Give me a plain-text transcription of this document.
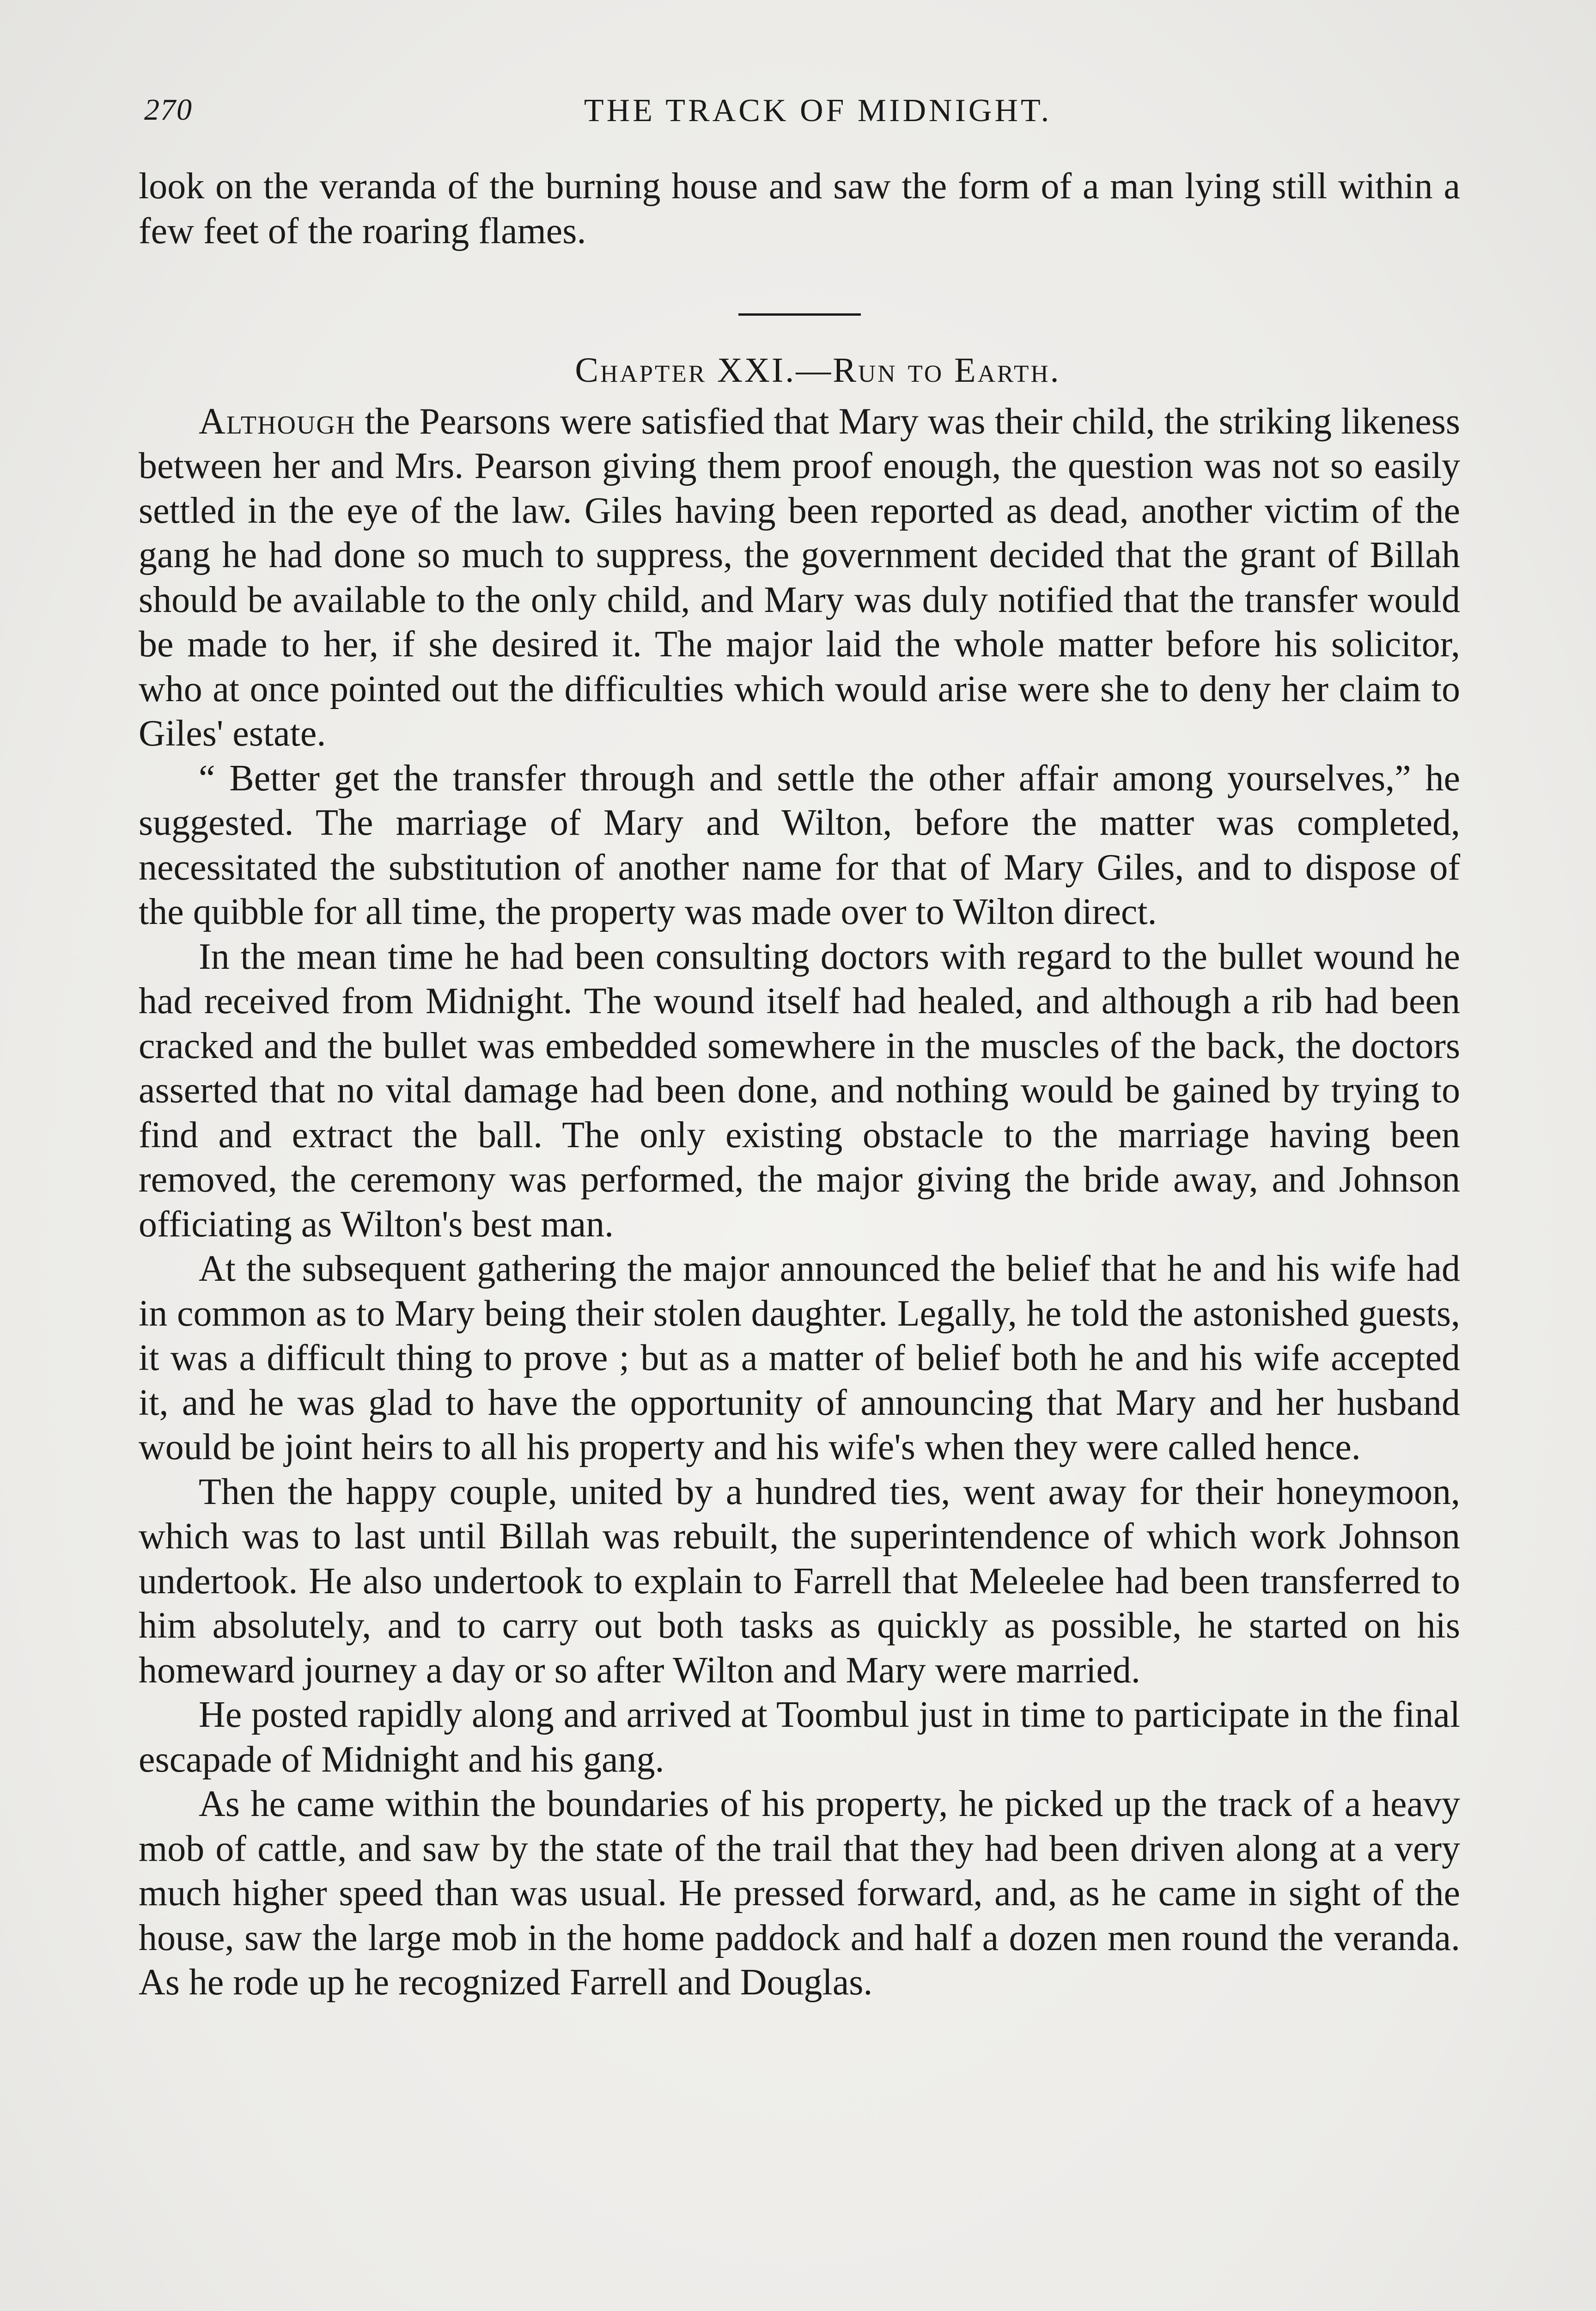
270	THE TRACK OF MIDNIGHT.

look on the veranda of the burning house and saw the form of a man lying still within a few feet of the roaring flames.

Chapter XXI.—Run to Earth.

Although the Pearsons were satisfied that Mary was their child, the striking likeness between her and Mrs. Pearson giving them proof enough, the question was not so easily settled in the eye of the law. Giles having been reported as dead, another victim of the gang he had done so much to suppress, the government decided that the grant of Billah should be available to the only child, and Mary was duly notified that the transfer would be made to her, if she desired it. The major laid the whole matter before his solicitor, who at once pointed out the difficulties which would arise were she to deny her claim to Giles' estate.

“ Better get the transfer through and settle the other affair among yourselves,” he suggested. The marriage of Mary and Wilton, before the matter was completed, necessitated the substitution of another name for that of Mary Giles, and to dispose of the quibble for all time, the property was made over to Wilton direct.

In the mean time he had been consulting doctors with regard to the bullet wound he had received from Midnight. The wound itself had healed, and although a rib had been cracked and the bullet was embedded somewhere in the muscles of the back, the doctors asserted that no vital damage had been done, and nothing would be gained by trying to find and extract the ball. The only existing obstacle to the marriage having been removed, the ceremony was performed, the major giving the bride away, and Johnson officiating as Wilton's best man.

At the subsequent gathering the major announced the belief that he and his wife had in common as to Mary being their stolen daughter. Legally, he told the astonished guests, it was a difficult thing to prove ; but as a matter of belief both he and his wife accepted it, and he was glad to have the opportunity of announcing that Mary and her husband would be joint heirs to all his property and his wife's when they were called hence.

Then the happy couple, united by a hundred ties, went away for their honeymoon, which was to last until Billah was rebuilt, the superintendence of which work Johnson undertook. He also undertook to explain to Farrell that Meleelee had been transferred to him absolutely, and to carry out both tasks as quickly as possible, he started on his homeward journey a day or so after Wilton and Mary were married.

He posted rapidly along and arrived at Toombul just in time to participate in the final escapade of Midnight and his gang.

As he came within the boundaries of his property, he picked up the track of a heavy mob of cattle, and saw by the state of the trail that they had been driven along at a very much higher speed than was usual. He pressed forward, and, as he came in sight of the house, saw the large mob in the home paddock and half a dozen men round the veranda. As he rode up he recognized Farrell and Douglas.
